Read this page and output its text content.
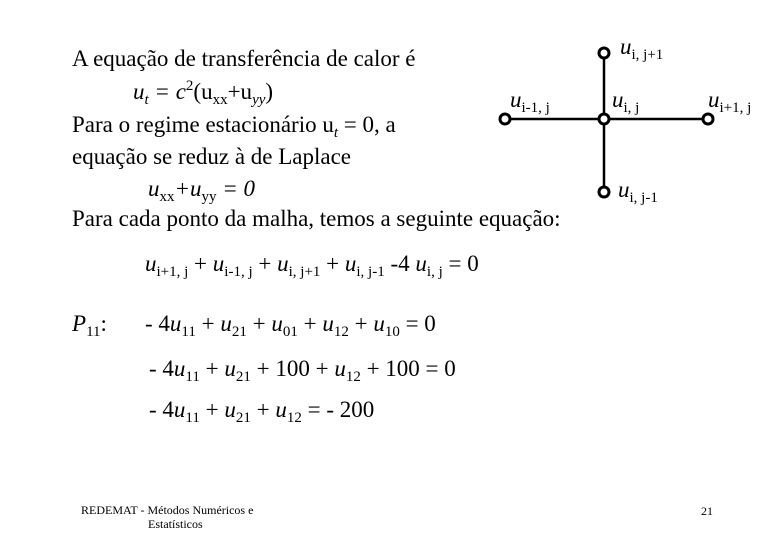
A equação de transferência de calor é
$u_t = c^2(u_{xx}+u_{yy})$
Para o regime estacionário $u_t = 0$, a
equação se reduz à de Laplace
$u_{xx}+u_{yy} = 0$
Para cada ponto da malha, temos a seguinte equação:
$u_{i, j+1}$
$u_{i-1, j}$	$u_{i, j}$	$u_{i+1, j}$
$u_{i, j-1}$
$u_{i+1, j} + u_{i-1, j} + u_{i, j+1} + u_{i, j-1}$ -4 $u_{i, j} = 0$
$P_{11}$: - $4u_{11} + u_{21} + u_{01} + u_{12} + u_{10} = 0$
- $4u_{11} + u_{21} + 100 + u_{12} + 100 = 0$
- $4u_{11} + u_{21} + u_{12}$ = - 200
REDEMAT - Métodos Numéricos e
Estatísticos
21
